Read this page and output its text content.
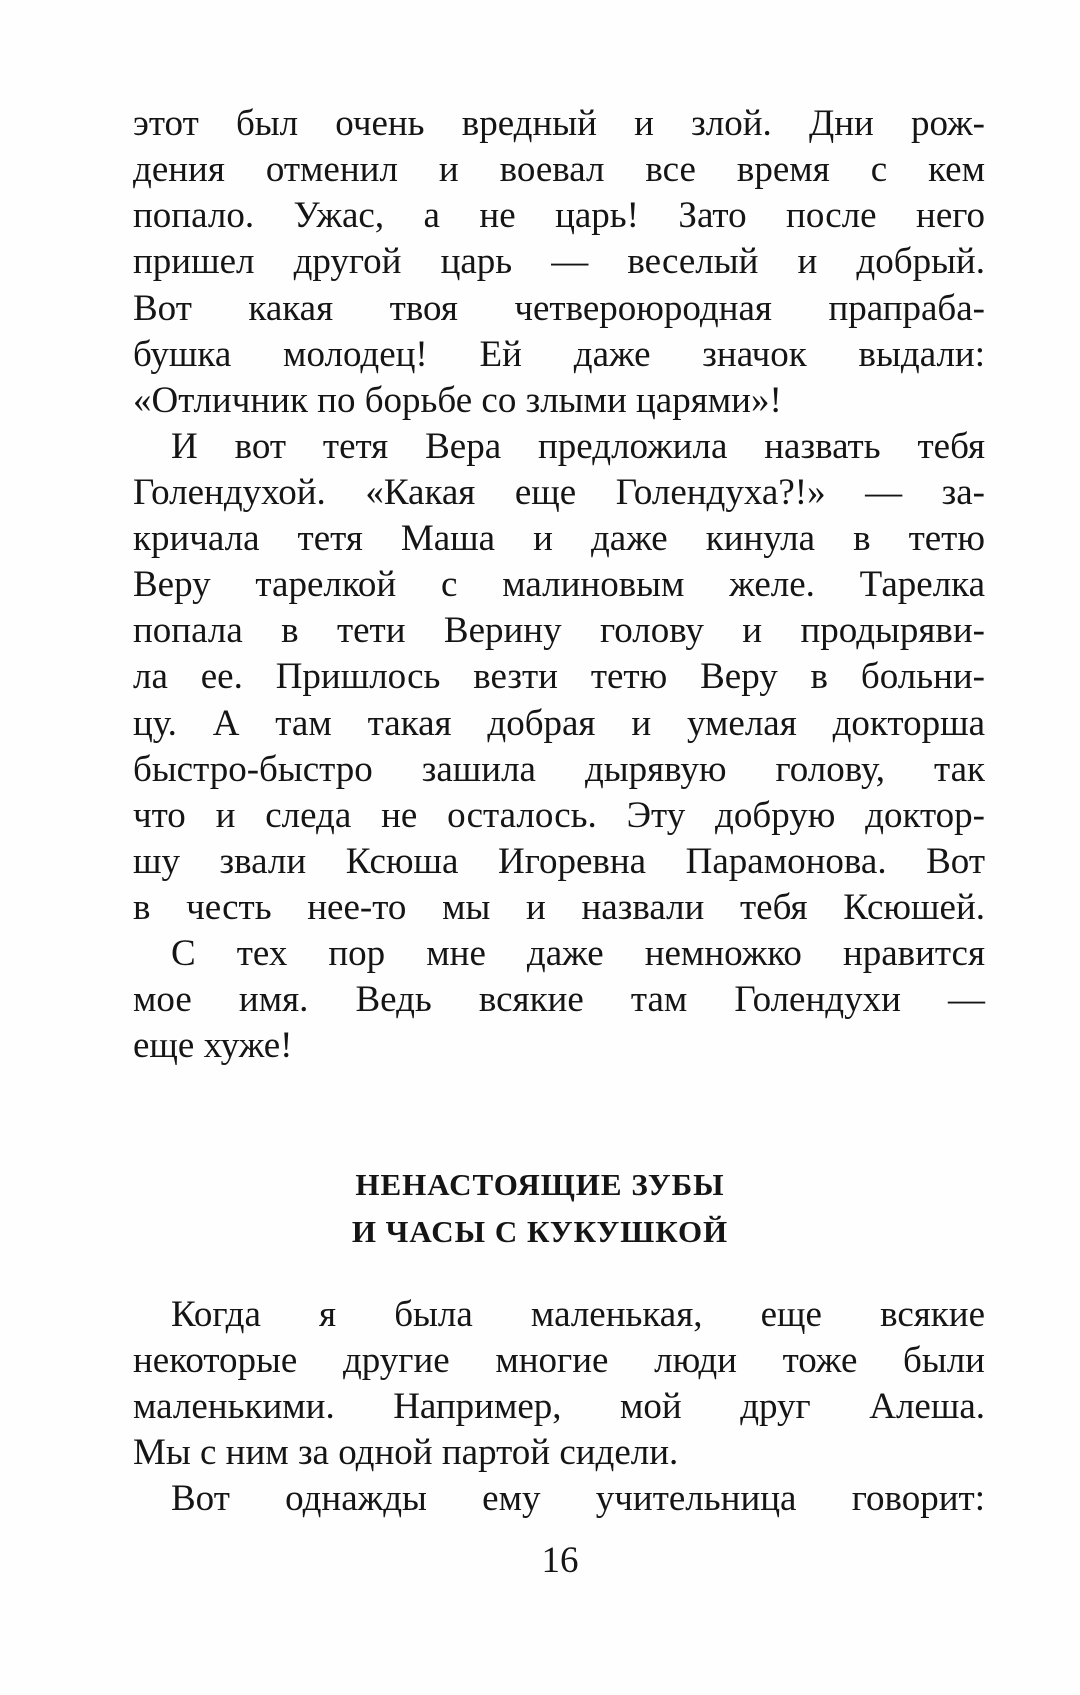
этот был очень вредный и злой. Дни рож-
дения отменил и воевал все время с кем
попало. Ужас, а не царь! Зато после него
пришел другой царь — веселый и добрый.
Вот какая твоя четвероюродная прапраба-
бушка молодец! Ей даже значок выдали:
«Отличник по борьбе со злыми царями»!
И вот тетя Вера предложила назвать тебя
Голендухой. «Какая еще Голендуха?!» — за-
кричала тетя Маша и даже кинула в тетю
Веру тарелкой с малиновым желе. Тарелка
попала в тети Верину голову и продыряви-
ла ее. Пришлось везти тетю Веру в больни-
цу. А там такая добрая и умелая докторша
быстро-быстро зашила дырявую голову, так
что и следа не осталось. Эту добрую доктор-
шу звали Ксюша Игоревна Парамонова. Вот
в честь нее-то мы и назвали тебя Ксюшей.
С тех пор мне даже немножко нравится
мое имя. Ведь всякие там Голендухи —
еще хуже!
НЕНАСТОЯЩИЕ ЗУБЫ
И ЧАСЫ С КУКУШКОЙ
Когда я была маленькая, еще всякие
некоторые другие многие люди тоже были
маленькими. Например, мой друг Алеша.
Мы с ним за одной партой сидели.
Вот однажды ему учительница говорит:
16
